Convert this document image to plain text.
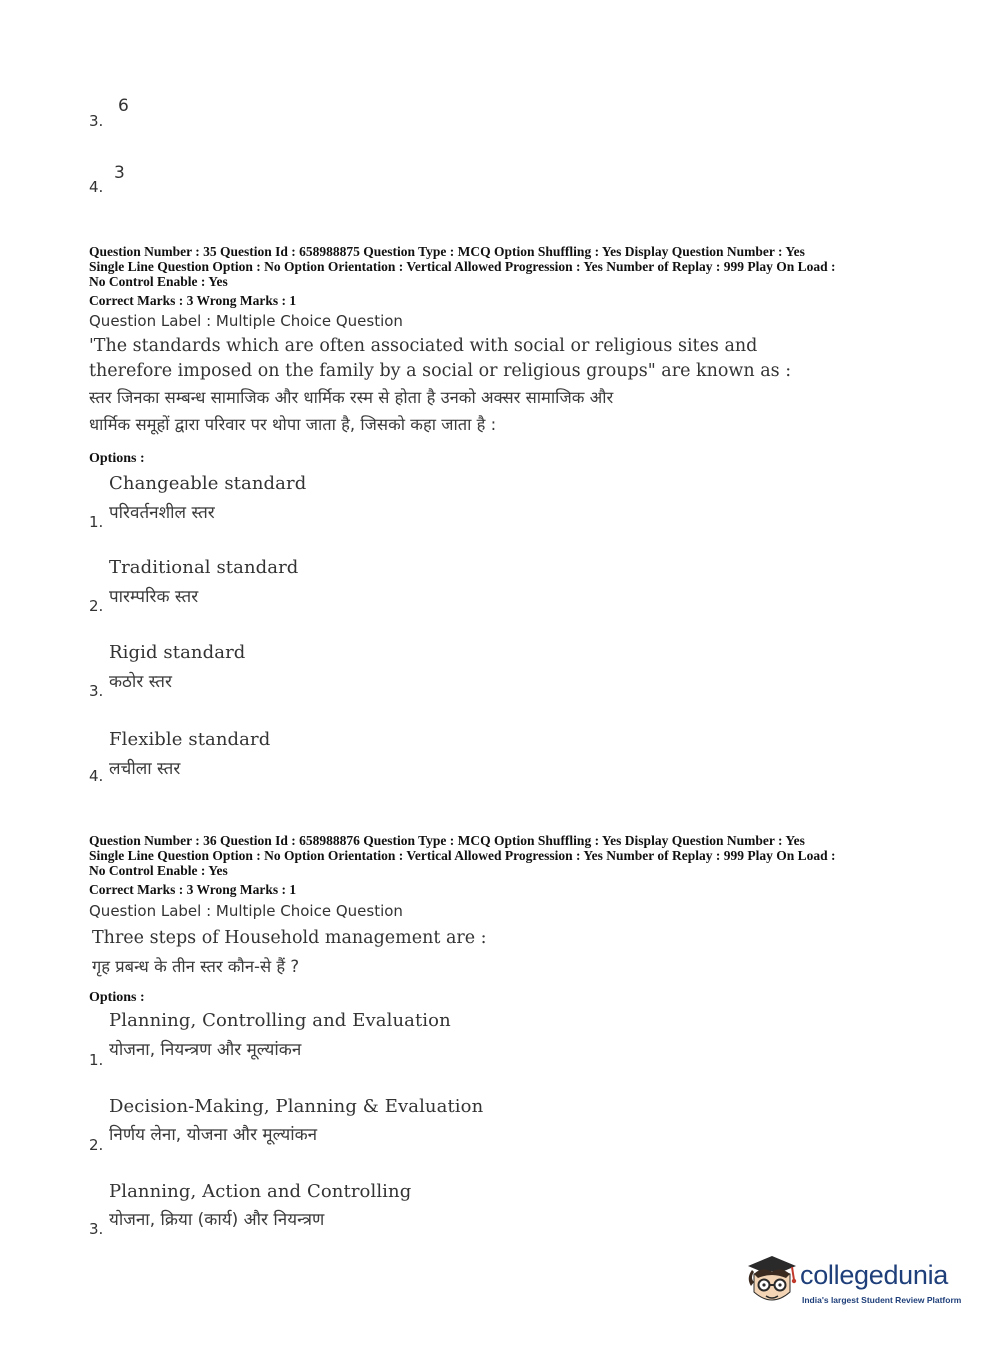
3.
6
4.
3
Question Number : 35 Question Id : 658988875 Question Type : MCQ Option Shuffling : Yes Display Question Number : Yes
Single Line Question Option : No Option Orientation : Vertical Allowed Progression : Yes Number of Replay : 999 Play On Load :
No Control Enable : Yes
Correct Marks : 3 Wrong Marks : 1
Question Label : Multiple Choice Question
'The standards which are often associated with social or religious sites and
therefore imposed on the family by a social or religious groups" are known as :
स्तर जिनका सम्बन्ध सामाजिक और धार्मिक रस्म से होता है उनको अक्सर सामाजिक और
धार्मिक समूहों द्वारा परिवार पर थोपा जाता है, जिसको कहा जाता है :
Options :
Changeable standard
परिवर्तनशील स्तर
1.
Traditional standard
पारम्परिक स्तर
2.
Rigid standard
कठोर स्तर
3.
Flexible standard
लचीला स्तर
4.
Question Number : 36 Question Id : 658988876 Question Type : MCQ Option Shuffling : Yes Display Question Number : Yes
Single Line Question Option : No Option Orientation : Vertical Allowed Progression : Yes Number of Replay : 999 Play On Load :
No Control Enable : Yes
Correct Marks : 3 Wrong Marks : 1
Question Label : Multiple Choice Question
Three steps of Household management are :
गृह प्रबन्ध के तीन स्तर कौन-से हैं ?
Options :
Planning, Controlling and Evaluation
योजना, नियन्त्रण और मूल्यांकन
1.
Decision-Making, Planning & Evaluation
निर्णय लेना, योजना और मूल्यांकन
2.
Planning, Action and Controlling
योजना, क्रिया (कार्य) और नियन्त्रण
3.
collegedunia
India's largest Student Review Platform
